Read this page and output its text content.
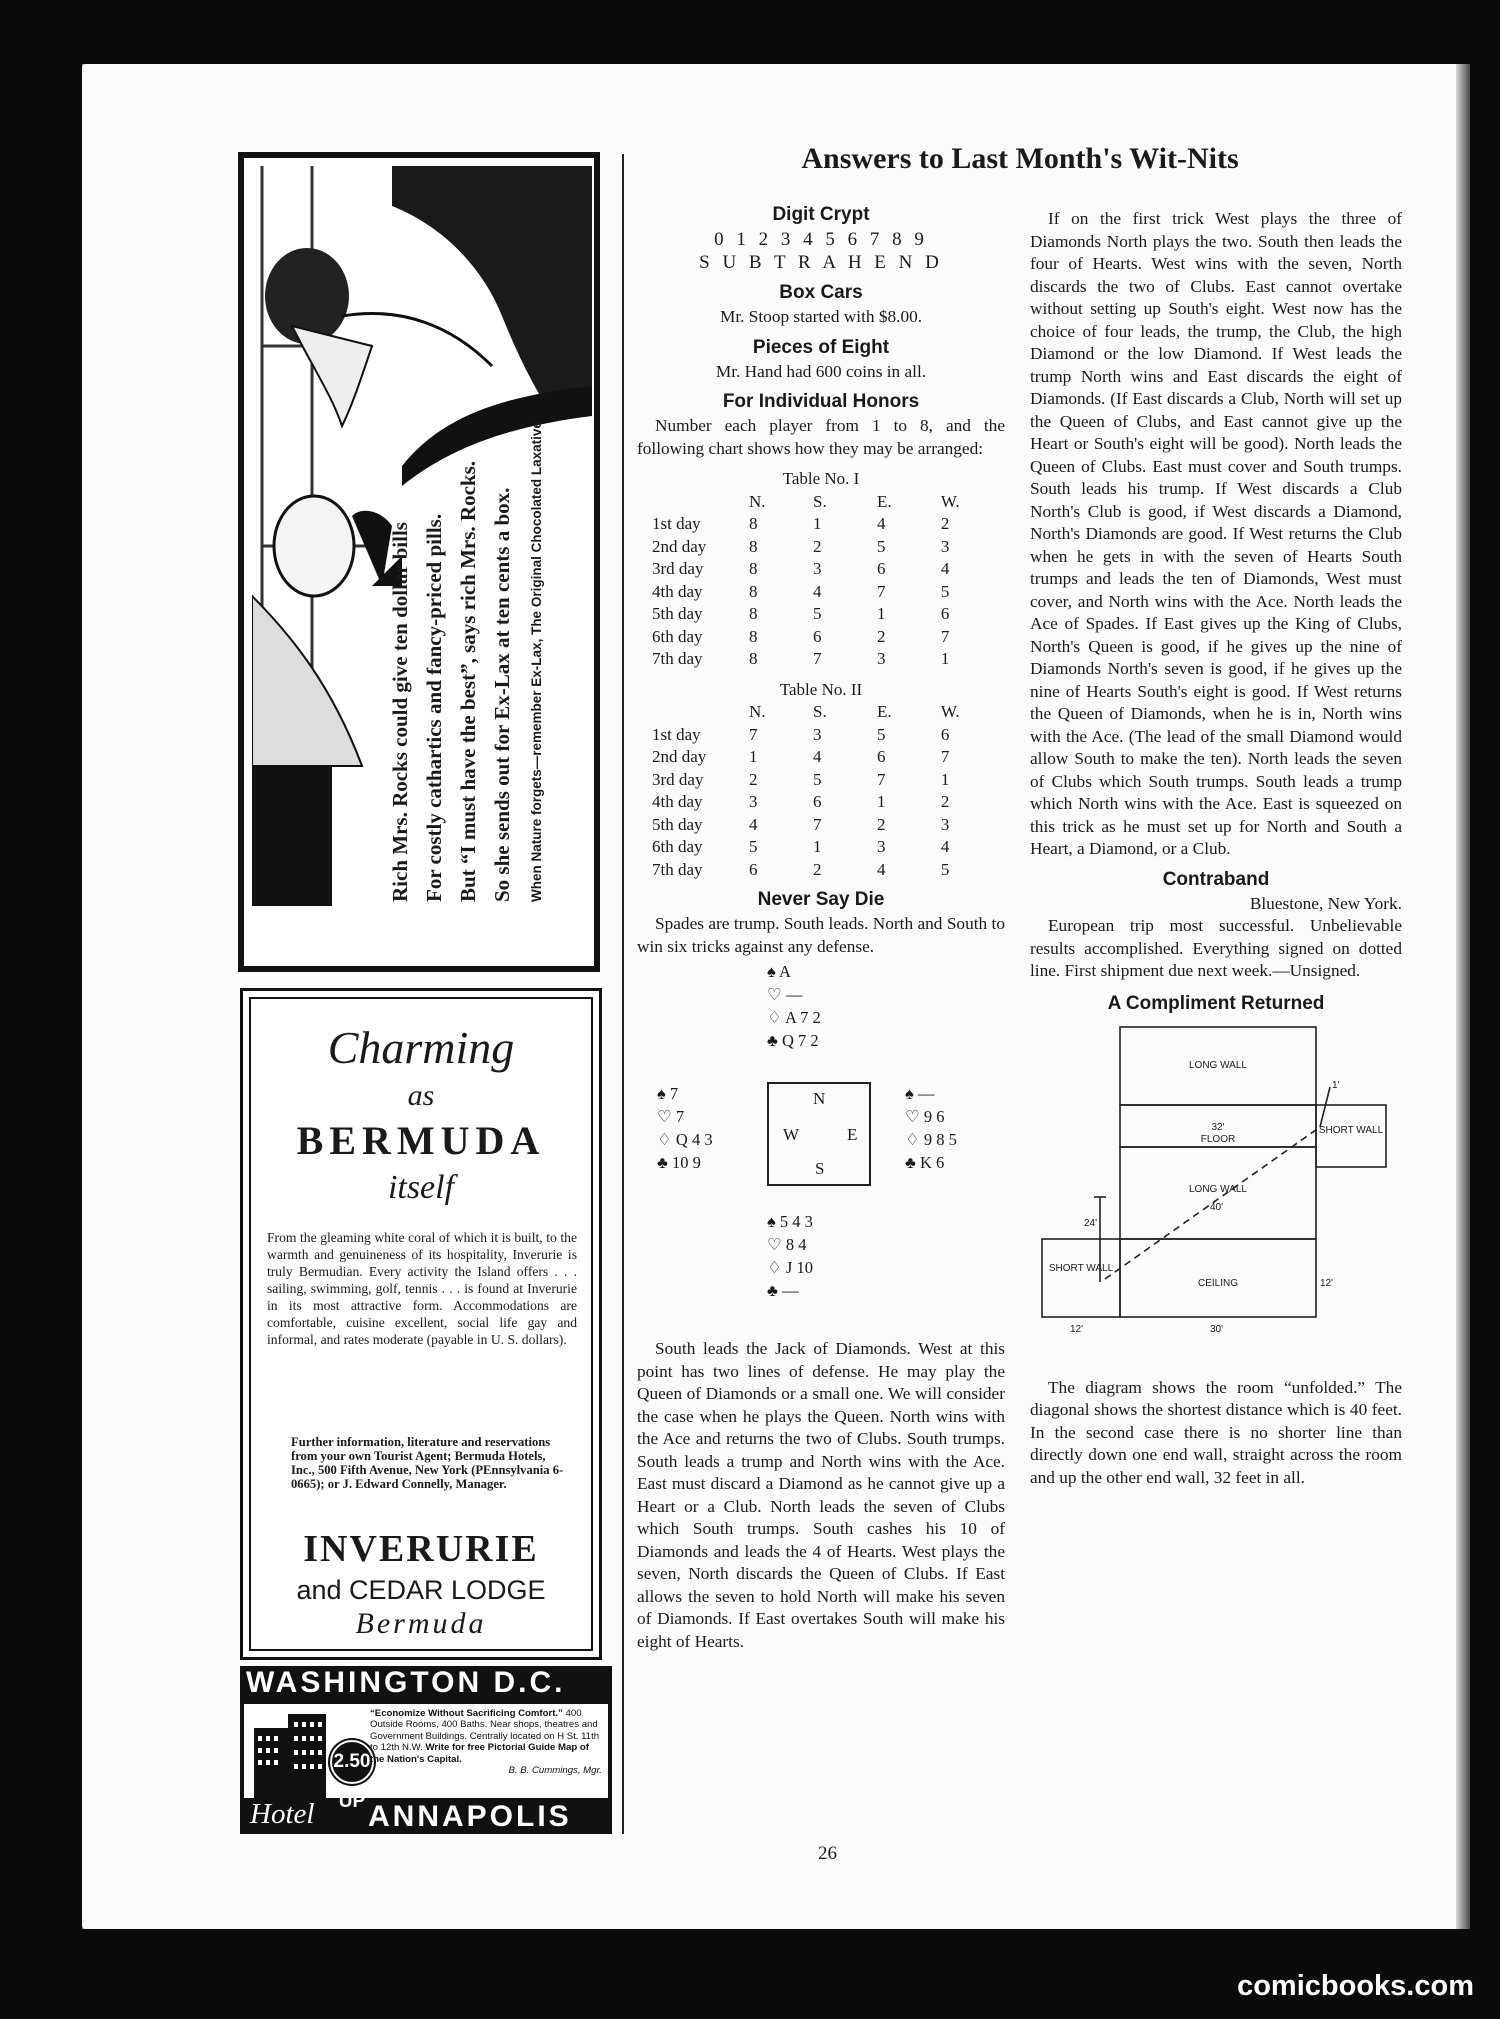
Rich Mrs. Rocks could give ten dollar bills For costly cathartics and fancy-priced pills. But “I must have the best”, says rich Mrs. Rocks. So she sends out for Ex-Lax at ten cents a box. When Nature forgets—remember Ex-Lax, The Original Chocolated Laxative
Charming
as
BERMUDA
itself
From the gleaming white coral of which it is built, to the warmth and genuineness of its hospitality, Inverurie is truly Bermudian. Every activity the Island offers . . . sailing, swimming, golf, tennis . . . is found at Inverurie in its most attractive form. Accommodations are comfortable, cuisine excellent, social life gay and informal, and rates moderate (payable in U. S. dollars).
Further information, literature and reservations from your own Tourist Agent; Bermuda Hotels, Inc., 500 Fifth Avenue, New York (PEnnsylvania 6-0665); or J. Edward Connelly, Manager.
INVERURIE
and CEDAR LODGE
Bermuda
WASHINGTON D.C.
2.50 UP
“Economize Without Sacrificing Comfort.” 400 Outside Rooms, 400 Baths. Near shops, theatres and Government Buildings. Centrally located on H St. 11th to 12th N.W. Write for free Pictorial Guide Map of the Nation's Capital.
B. B. Cummings, Mgr.
Hotel ANNAPOLIS
Answers to Last Month's Wit-Nits
Digit Crypt
0 1 2 3 4 5 6 7 8 9
S U B T R A H E N D
Box Cars

Mr. Stoop started with $8.00.

Pieces of Eight

Mr. Hand had 600 coins in all.

For Individual Honors

Number each player from 1 to 8, and the following chart shows how they may be arranged:

Table No. I
	N.	S.	E.	W.
1st day	8	1	4	2
2nd day	8	2	5	3
3rd day	8	3	6	4
4th day	8	4	7	5
5th day	8	5	1	6
6th day	8	6	2	7
7th day	8	7	3	1
Table No. II
	N.	S.	E.	W.
1st day	7	3	5	6
2nd day	1	4	6	7
3rd day	2	5	7	1
4th day	3	6	1	2
5th day	4	7	2	3
6th day	5	1	3	4
7th day	6	2	4	5
Never Say Die

Spades are trump. South leads. North and South to win six tricks against any defense.

♠ A
♡ —
♢ A 7 2
♣ Q 7 2
♠ 7
♡ 7
♢ Q 4 3
♣ 10 9
N
W	E
S
♠ —
♡ 9 6
♢ 9 8 5
♣ K 6
♠ 5 4 3
♡ 8 4
♢ J 10
♣ —

South leads the Jack of Diamonds. West at this point has two lines of defense. He may play the Queen of Diamonds or a small one. We will consider the case when he plays the Queen. North wins with the Ace and returns the two of Clubs. South trumps. South leads a trump and North wins with the Ace. East must discard a Diamond as he cannot give up a Heart or a Club. North leads the seven of Clubs which South trumps. South cashes his 10 of Diamonds and leads the 4 of Hearts. West plays the seven, North discards the Queen of Clubs. If East allows the seven to hold North will make his seven of Diamonds. If East overtakes South will make his eight of Hearts.

If on the first trick West plays the three of Diamonds North plays the two. South then leads the four of Hearts. West wins with the seven, North discards the two of Clubs. East cannot overtake without setting up South's eight. West now has the choice of four leads, the trump, the Club, the high Diamond or the low Diamond. If West leads the trump North wins and East discards the eight of Diamonds. (If East discards a Club, North will set up the Queen of Clubs, and East cannot give up the Heart or South's eight will be good). North leads the Queen of Clubs. East must cover and South trumps. South leads his trump. If West discards a Club North's Club is good, if West discards a Diamond, North's Diamonds are good. If West returns the Club when he gets in with the seven of Hearts South trumps and leads the ten of Diamonds, West must cover, and North wins with the Ace. North leads the Ace of Spades. If East gives up the King of Clubs, North's Queen is good, if he gives up the nine of Diamonds North's seven is good, if he gives up the nine of Hearts South's eight is good. If West returns the Queen of Diamonds, when he is in, North wins with the Ace. (The lead of the small Diamond would allow South to make the ten). North leads the seven of Clubs which South trumps. South leads a trump which North wins with the Ace. East is squeezed on this trick as he must set up for North and South a Heart, a Diamond, or a Club.

Contraband

Bluestone, New York.

European trip most successful. Unbelievable results accomplished. Everything signed on dotted line. First shipment due next week.—Unsigned.

A Compliment Returned
LONG WALL
32'
FLOOR
SHORT WALL
LONG WALL
40'
SHORT WALL
CEILING
12'	30'
12'
1'
24'

The diagram shows the room “unfolded.” The diagonal shows the shortest distance which is 40 feet. In the second case there is no shorter line than directly down one end wall, straight across the room and up the other end wall, 32 feet in all.

26
comicbooks.com
